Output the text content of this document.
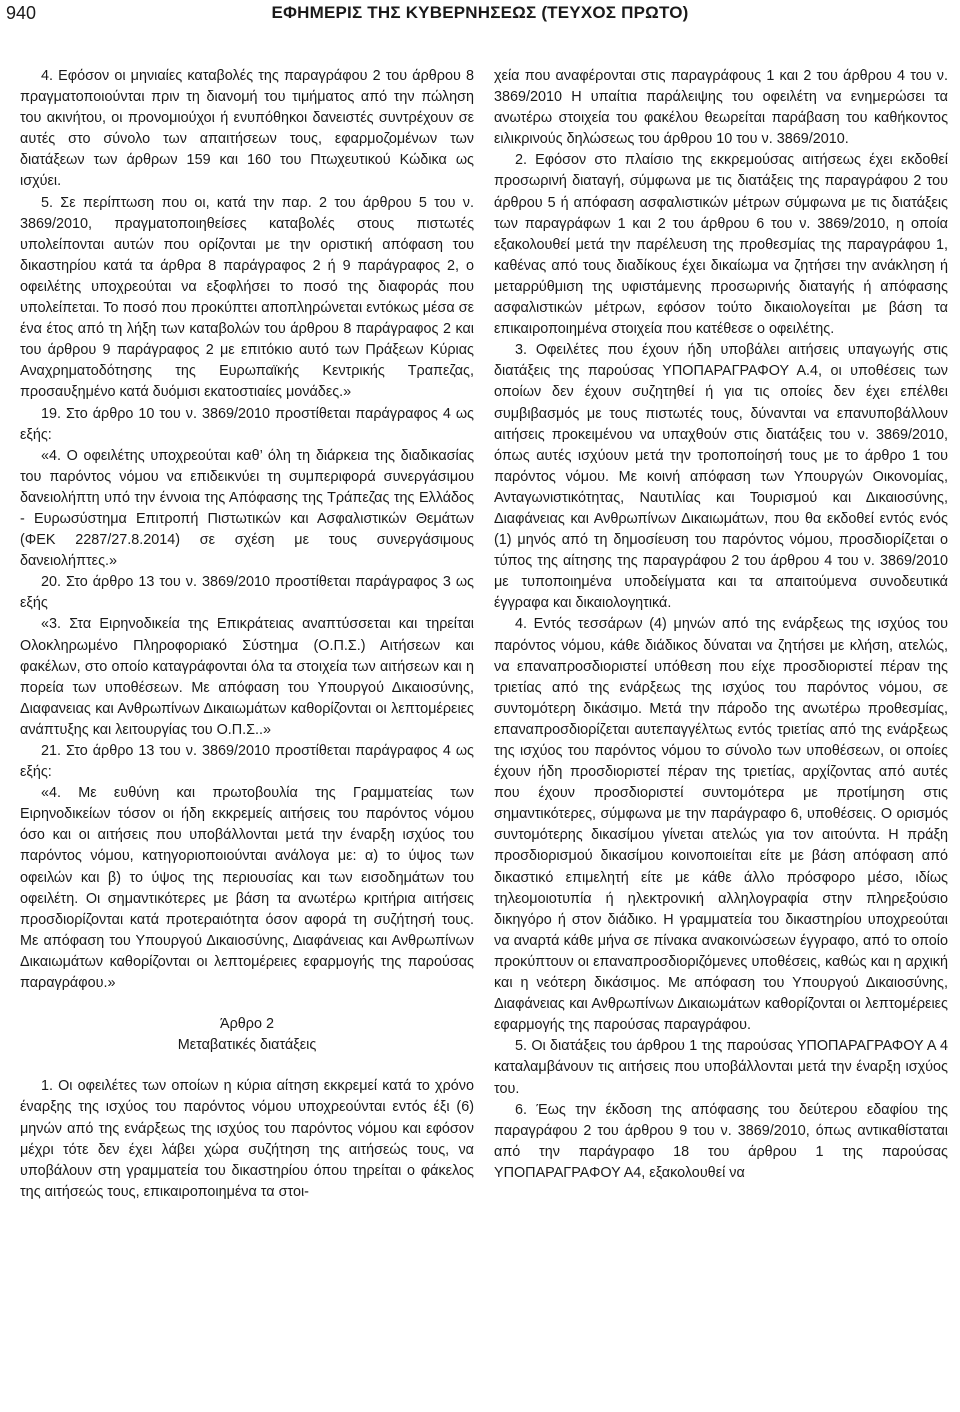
940	ΕΦΗΜΕΡΙΣ ΤΗΣ ΚΥΒΕΡΝΗΣΕΩΣ (ΤΕΥΧΟΣ ΠΡΩΤΟ)

4. Εφόσον οι μηνιαίες καταβολές της παραγράφου 2 του άρθρου 8 πραγματοποιούνται πριν τη διανομή του τιμήματος από την πώληση του ακινήτου, οι προνομιούχοι ή ενυπόθηκοι δανειστές συντρέχουν σε αυτές στο σύνολο των απαιτήσεων τους, εφαρμοζομένων των διατάξεων των άρθρων 159 και 160 του Πτωχευτικού Κώδικα ως ισχύει.

5. Σε περίπτωση που οι, κατά την παρ. 2 του άρθρου 5 του ν. 3869/2010, πραγματοποιηθείσες καταβολές στους πιστωτές υπολείπονται αυτών που ορίζονται με την οριστική απόφαση του δικαστηρίου κατά τα άρθρα 8 παράγραφος 2 ή 9 παράγραφος 2, ο οφειλέτης υποχρεούται να εξοφλήσει το ποσό της διαφοράς που υπολείπεται. Το ποσό που προκύπτει αποπληρώνεται εντόκως μέσα σε ένα έτος από τη λήξη των καταβολών του άρθρου 8 παράγραφος 2 και του άρθρου 9 παράγραφος 2 με επιτόκιο αυτό των Πράξεων Κύριας Αναχρηματοδότησης της Ευρωπαϊκής Κεντρικής Τραπεζας, προσαυξημένο κατά δυόμισι εκατοστιαίες μονάδες.»

19. Στο άρθρο 10 του ν. 3869/2010 προστίθεται παράγραφος 4 ως εξής:

«4. Ο οφειλέτης υποχρεούται καθ’ όλη τη διάρκεια της διαδικασίας του παρόντος νόμου να επιδεικνύει τη συμπεριφορά συνεργάσιμου δανειολήπτη υπό την έννοια της Απόφασης της Τράπεζας της Ελλάδος - Ευρωσύστημα Επιτροπή Πιστωτικών και Ασφαλιστικών Θεμάτων (ΦΕΚ 2287/27.8.2014) σε σχέση με τους συνεργάσιμους δανειολήπτες.»

20. Στο άρθρο 13 του ν. 3869/2010 προστίθεται παράγραφος 3 ως εξής

«3. Στα Ειρηνοδικεία της Επικράτειας αναπτύσσεται και τηρείται Ολοκληρωμένο Πληροφοριακό Σύστημα (Ο.Π.Σ.) Αιτήσεων και φακέλων, στο οποίο καταγράφονται όλα τα στοιχεία των αιτήσεων και η πορεία των υποθέσεων. Με απόφαση του Υπουργού Δικαιοσύνης, Διαφανειας και Ανθρωπίνων Δικαιωμάτων καθορίζονται οι λεπτομέρειες ανάπτυξης και λειτουργίας του Ο.Π.Σ..»

21. Στο άρθρο 13 του ν. 3869/2010 προστίθεται παράγραφος 4 ως εξής:

«4. Με ευθύνη και πρωτοβουλία της Γραμματείας των Ειρηνοδικείων τόσον οι ήδη εκκρεμείς αιτήσεις του παρόντος νόμου όσο και οι αιτήσεις που υποβάλλονται μετά την έναρξη ισχύος του παρόντος νόμου, κατηγοριοποιούνται ανάλογα με: α) το ύψος των οφειλών και β) το ύψος της περιουσίας και των εισοδημάτων του οφειλέτη. Οι σημαντικότερες με βάση τα ανωτέρω κριτήρια αιτήσεις προσδιορίζονται κατά προτεραιότητα όσον αφορά τη συζήτησή τους. Με απόφαση του Υπουργού Δικαιοσύνης, Διαφάνειας και Ανθρωπίνων Δικαιωμάτων καθορίζονται οι λεπτομέρειες εφαρμογής της παρούσας παραγράφου.»

Άρθρο 2

Μεταβατικές διατάξεις

1. Οι οφειλέτες των οποίων η κύρια αίτηση εκκρεμεί κατά το χρόνο έναρξης της ισχύος του παρόντος νόμου υποχρεούνται εντός έξι (6) μηνών από της ενάρξεως της ισχύος του παρόντος νόμου και εφόσον μέχρι τότε δεν έχει λάβει χώρα συζήτηση της αιτήσεώς τους, να υποβάλουν στη γραμματεία του δικαστηρίου όπου τηρείται ο φάκελος της αιτήσεώς τους, επικαιροποιημένα τα στοι-

χεία που αναφέρονται στις παραγράφους 1 και 2 του άρθρου 4 του ν. 3869/2010 Η υπαίτια παράλειψης του οφειλέτη να ενημερώσει τα ανωτέρω στοιχεία του φακέλου θεωρείται παράβαση του καθήκοντος ειλικρινούς δηλώσεως του άρθρου 10 του ν. 3869/2010.

2. Εφόσον στο πλαίσιο της εκκρεμούσας αιτήσεως έχει εκδοθεί προσωρινή διαταγή, σύμφωνα με τις διατάξεις της παραγράφου 2 του άρθρου 5 ή απόφαση ασφαλιστικών μέτρων σύμφωνα με τις διατάξεις των παραγράφων 1 και 2 του άρθρου 6 του ν. 3869/2010, η οποία εξακολουθεί μετά την παρέλευση της προθεσμίας της παραγράφου 1, καθένας από τους διαδίκους έχει δικαίωμα να ζητήσει την ανάκληση ή μεταρρύθμιση της υφιστάμενης προσωρινής διαταγής ή απόφασης ασφαλιστικών μέτρων, εφόσον τούτο δικαιολογείται με βάση τα επικαιροποιημένα στοιχεία που κατέθεσε ο οφειλέτης.

3. Οφειλέτες που έχουν ήδη υποβάλει αιτήσεις υπαγωγής στις διατάξεις της παρούσας ΥΠΟΠΑΡΑΓΡΑΦΟΥ Α.4, οι υποθέσεις των οποίων δεν έχουν συζητηθεί ή για τις οποίες δεν έχει επέλθει συμβιβασμός με τους πιστωτές τους, δύνανται να επανυποβάλλουν αιτήσεις προκειμένου να υπαχθούν στις διατάξεις του ν. 3869/2010, όπως αυτές ισχύουν μετά την τροποποίησή τους με το άρθρο 1 του παρόντος νόμου. Με κοινή απόφαση των Υπουργών Οικονομίας, Ανταγωνιστικότητας, Ναυτιλίας και Τουρισμού και Δικαιοσύνης, Διαφάνειας και Ανθρωπίνων Δικαιωμάτων, που θα εκδοθεί εντός ενός (1) μηνός από τη δημοσίευση του παρόντος νόμου, προσδιορίζεται ο τύπος της αίτησης της παραγράφου 2 του άρθρου 4 του ν. 3869/2010 με τυποποιημένα υποδείγματα και τα απαιτούμενα συνοδευτικά έγγραφα και δικαιολογητικά.

4. Εντός τεσσάρων (4) μηνών από της ενάρξεως της ισχύος του παρόντος νόμου, κάθε διάδικος δύναται να ζητήσει με κλήση, ατελώς, να επαναπροσδιοριστεί υπόθεση που είχε προσδιοριστεί πέραν της τριετίας από της ενάρξεως της ισχύος του παρόντος νόμου, σε συντομότερη δικάσιμο. Μετά την πάροδο της ανωτέρω προθεσμίας, επαναπροσδιορίζεται αυτεπαγγέλτως εντός τριετίας από της ενάρξεως της ισχύος του παρόντος νόμου το σύνολο των υποθέσεων, οι οποίες έχουν ήδη προσδιοριστεί πέραν της τριετίας, αρχίζοντας από αυτές που έχουν προσδιοριστεί συντομότερα με προτίμηση στις σημαντικότερες, σύμφωνα με την παράγραφο 6, υποθέσεις. Ο ορισμός συντομότερης δικασίμου γίνεται ατελώς για τον αιτούντα. Η πράξη προσδιορισμού δικασίμου κοινοποιείται είτε με βάση απόφαση από δικαστικό επιμελητή είτε με κάθε άλλο πρόσφορο μέσο, ιδίως τηλεομοιοτυπία ή ηλεκτρονική αλληλογραφία στην πληρεξούσιο δικηγόρο ή στον διάδικο. Η γραμματεία του δικαστηρίου υποχρεούται να αναρτά κάθε μήνα σε πίνακα ανακοινώσεων έγγραφο, από το οποίο προκύπτουν οι επαναπροσδιοριζόμενες υποθέσεις, καθώς και η αρχική και η νεότερη δικάσιμος. Με απόφαση του Υπουργού Δικαιοσύνης, Διαφάνειας και Ανθρωπίνων Δικαιωμάτων καθορίζονται οι λεπτομέρειες εφαρμογής της παρούσας παραγράφου.

5. Οι διατάξεις του άρθρου 1 της παρούσας ΥΠΟΠΑΡΑΓΡΑΦΟΥ Α 4 καταλαμβάνουν τις αιτήσεις που υποβάλλονται μετά την έναρξη ισχύος του.

6. Έως την έκδοση της απόφασης του δεύτερου εδαφίου της παραγράφου 2 του άρθρου 9 του ν. 3869/2010, όπως αντικαθίσταται από την παράγραφο 18 του άρθρου 1 της παρούσας ΥΠΟΠΑΡΑΓΡΑΦΟΥ Α4, εξακολουθεί να
